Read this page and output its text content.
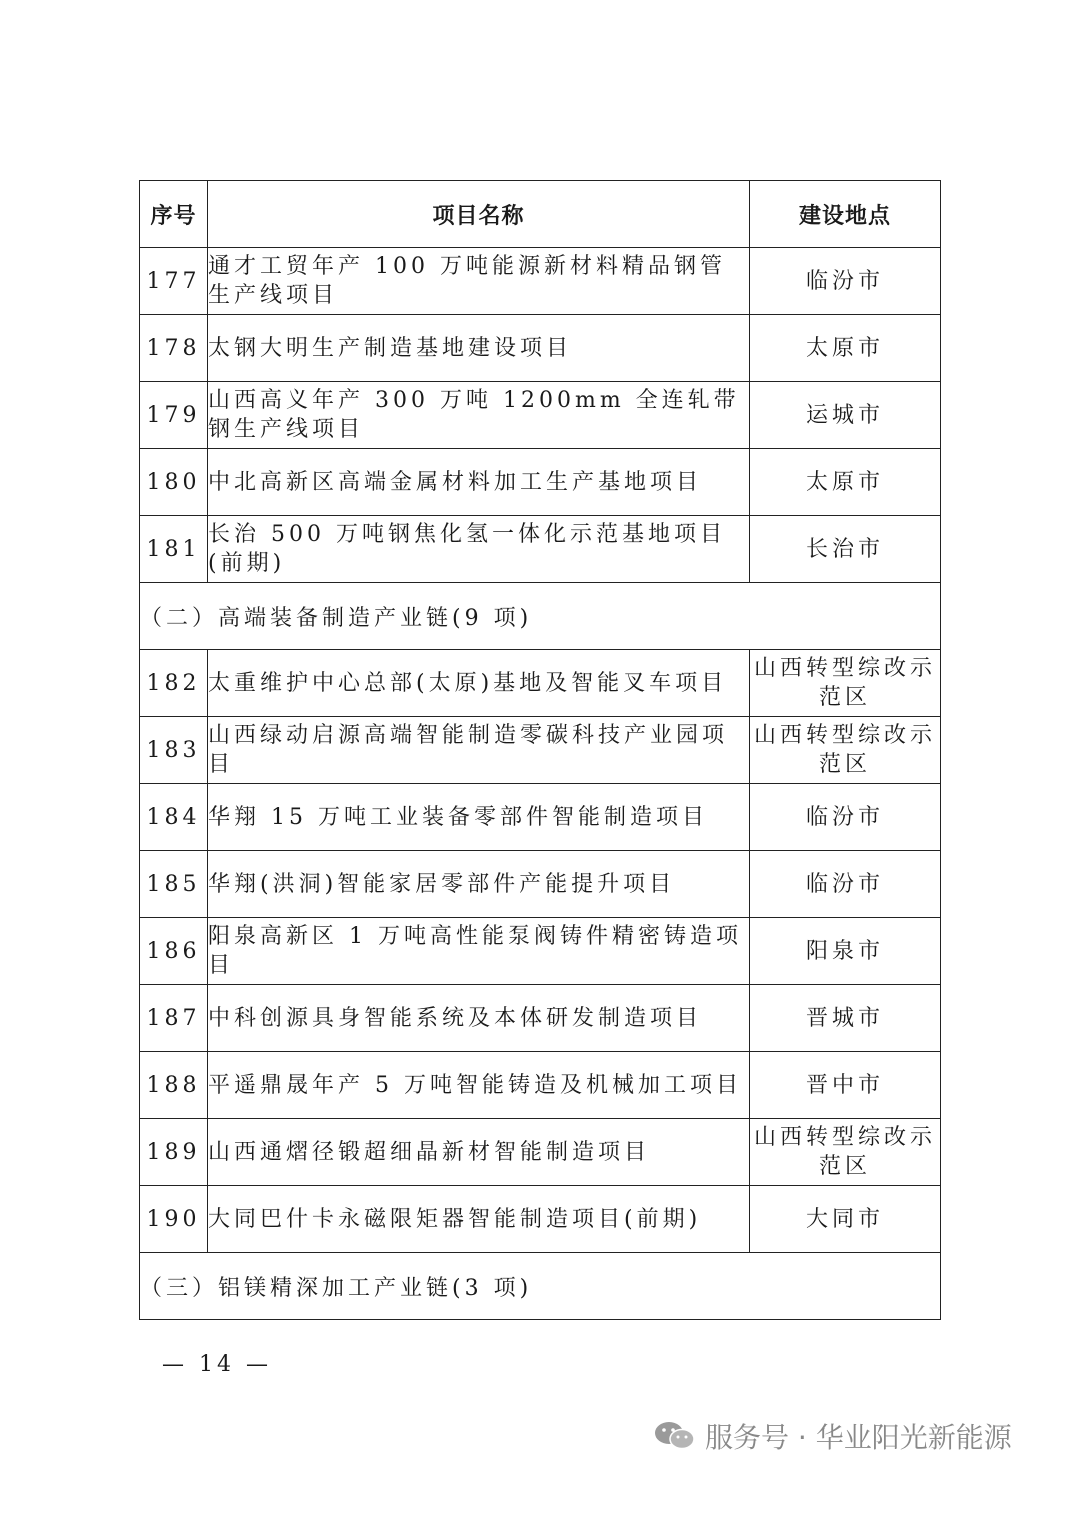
序号	项目名称	建设地点
177	通才工贸年产 100 万吨能源新材料精品钢管生产线项目	临汾市
178	太钢大明生产制造基地建设项目	太原市
179	山西高义年产 300 万吨 1200mm 全连轧带钢生产线项目	运城市
180	中北高新区高端金属材料加工生产基地项目	太原市
181	长治 500 万吨钢焦化氢一体化示范基地项目(前期)	长治市
（二）高端装备制造产业链(9 项)		
182	太重维护中心总部(太原)基地及智能叉车项目	山西转型综改示范区
183	山西绿动启源高端智能制造零碳科技产业园项目	山西转型综改示范区
184	华翔 15 万吨工业装备零部件智能制造项目	临汾市
185	华翔(洪洞)智能家居零部件产能提升项目	临汾市
186	阳泉高新区 1 万吨高性能泵阀铸件精密铸造项目	阳泉市
187	中科创源具身智能系统及本体研发制造项目	晋城市
188	平遥鼎晟年产 5 万吨智能铸造及机械加工项目	晋中市
189	山西通熠径锻超细晶新材智能制造项目	山西转型综改示范区
190	大同巴什卡永磁限矩器智能制造项目(前期)	大同市
（三）铝镁精深加工产业链(3 项)		
— 14 —
服务号 · 华业阳光新能源
